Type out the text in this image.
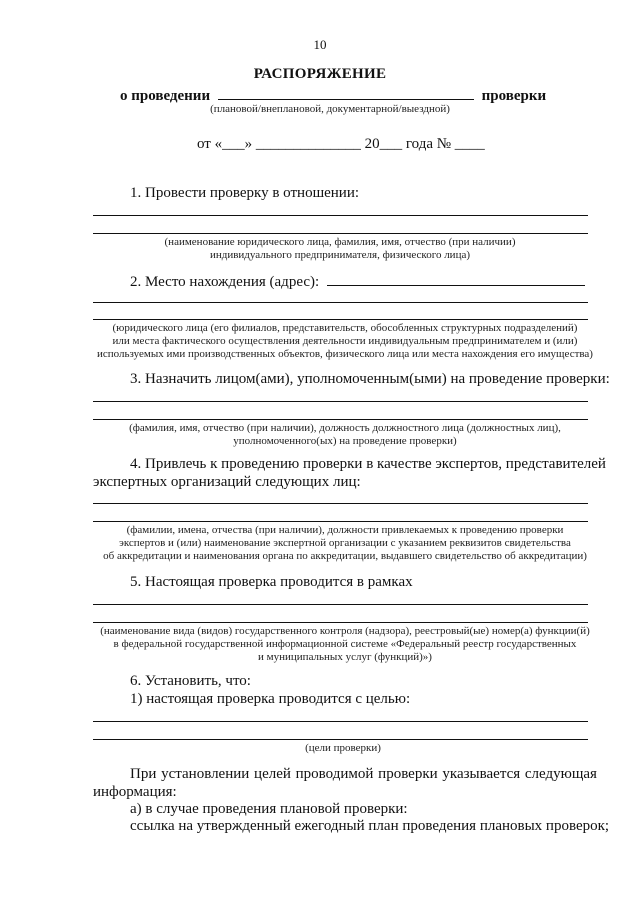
10
РАСПОРЯЖЕНИЕ
о проведении	проверки
(плановой/внеплановой, документарной/выездной)
от «___» ______________ 20___ года № ____
1. Провести проверку в отношении:
(наименование юридического лица, фамилия, имя, отчество (при наличии)
индивидуального предпринимателя, физического лица)
2. Место нахождения (адрес):
(юридического лица (его филиалов, представительств, обособленных структурных подразделений)
или места фактического осуществления деятельности индивидуальным предпринимателем и (или)
используемых ими производственных объектов, физического лица или места нахождения его имущества)
3. Назначить лицом(ами), уполномоченным(ыми) на проведение проверки:
(фамилия, имя, отчество (при наличии), должность должностного лица (должностных лиц),
уполномоченного(ых) на проведение проверки)
4. Привлечь к проведению проверки в качестве экспертов, представителей
экспертных организаций следующих лиц:
(фамилии, имена, отчества (при наличии), должности привлекаемых к проведению проверки
экспертов и (или) наименование экспертной организации с указанием реквизитов свидетельства
об аккредитации и наименования органа по аккредитации, выдавшего свидетельство об аккредитации)
5. Настоящая проверка проводится в рамках
(наименование вида (видов) государственного контроля (надзора), реестровый(ые) номер(а) функции(й)
в федеральной государственной информационной системе «Федеральный реестр государственных
и муниципальных услуг (функций)»)
6. Установить, что:
1) настоящая проверка проводится с целью:
(цели проверки)
При установлении целей проводимой проверки указывается следующая
информация:
а) в случае проведения плановой проверки:
ссылка на утвержденный ежегодный план проведения плановых проверок;
